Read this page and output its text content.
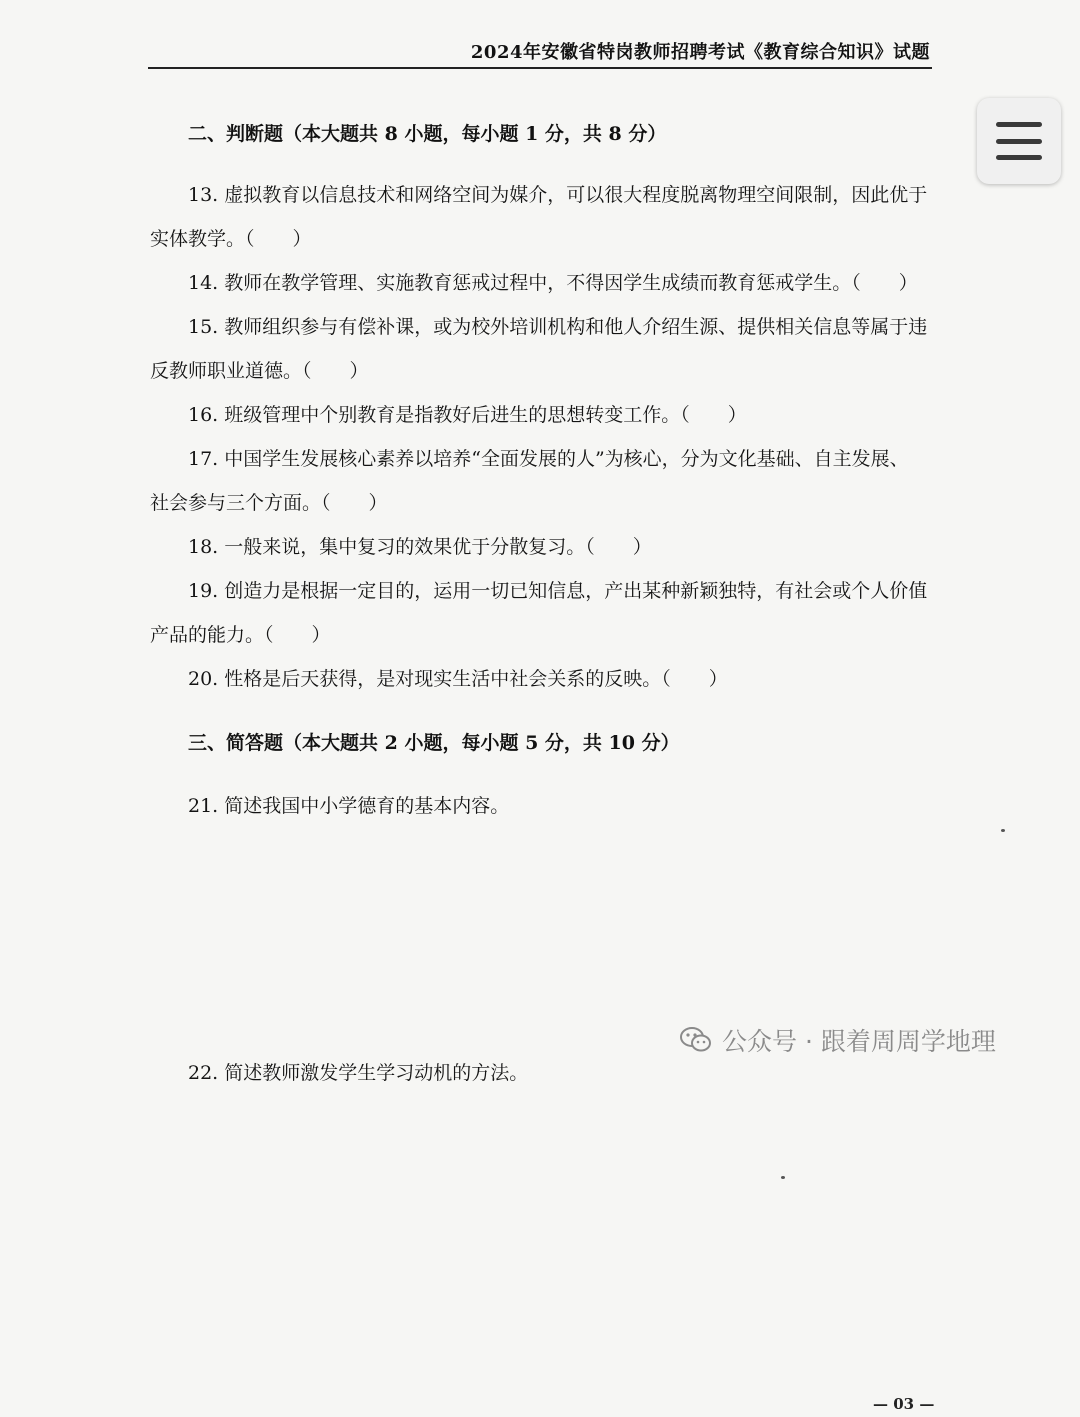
2024年安徽省特岗教师招聘考试《教育综合知识》试题
二、判断题（本大题共 8 小题，每小题 1 分，共 8 分）
13. 虚拟教育以信息技术和网络空间为媒介，可以很大程度脱离物理空间限制，因此优于
实体教学。（　　）
14. 教师在教学管理、实施教育惩戒过程中，不得因学生成绩而教育惩戒学生。（　　）
15. 教师组织参与有偿补课，或为校外培训机构和他人介绍生源、提供相关信息等属于违
反教师职业道德。（　　）
16. 班级管理中个别教育是指教好后进生的思想转变工作。（　　）
17. 中国学生发展核心素养以培养“全面发展的人”为核心，分为文化基础、自主发展、
社会参与三个方面。（　　）
18. 一般来说，集中复习的效果优于分散复习。（　　）
19. 创造力是根据一定目的，运用一切已知信息，产出某种新颖独特，有社会或个人价值
产品的能力。（　　）
20. 性格是后天获得，是对现实生活中社会关系的反映。（　　）
三、简答题（本大题共 2 小题，每小题 5 分，共 10 分）
21. 简述我国中小学德育的基本内容。
22. 简述教师激发学生学习动机的方法。
公众号 · 跟着周周学地理
— 03 —
